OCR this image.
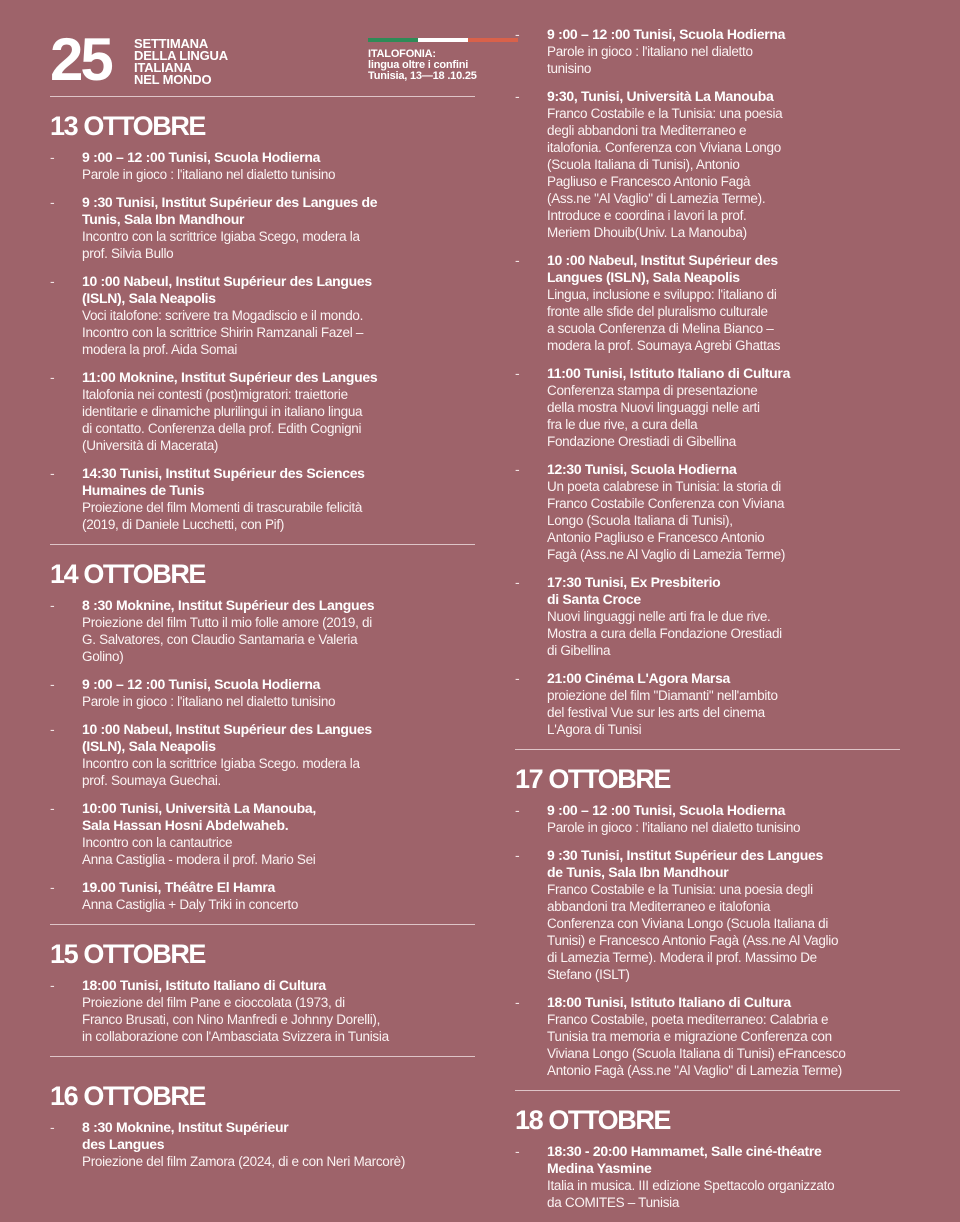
25 SETTIMANA
DELLA LINGUA
ITALIANA
NEL MONDO
ITALOFONIA:
lingua oltre i confini
Tunisia, 13—18 .10.25
13 OTTOBRE
- 9 :00 – 12 :00 Tunisi, Scuola Hodierna
Parole in gioco : l'italiano nel dialetto tunisino
- 9 :30 Tunisi, Institut Supérieur des Langues de
Tunis, Sala Ibn Mandhour
Incontro con la scrittrice Igiaba Scego, modera la
prof. Silvia Bullo
- 10 :00 Nabeul, Institut Supérieur des Langues
(ISLN), Sala Neapolis
Voci italofone: scrivere tra Mogadiscio e il mondo.
Incontro con la scrittrice Shirin Ramzanali Fazel –
modera la prof. Aida Somai
- 11:00 Moknine, Institut Supérieur des Langues
Italofonia nei contesti (post)migratori: traiettorie
identitarie e dinamiche plurilingui in italiano lingua
di contatto. Conferenza della prof. Edith Cognigni
(Università di Macerata)
- 14:30 Tunisi, Institut Supérieur des Sciences
Humaines de Tunis
Proiezione del film Momenti di trascurabile felicità
(2019, di Daniele Lucchetti, con Pif)
14 OTTOBRE
- 8 :30 Moknine, Institut Supérieur des Langues
Proiezione del film Tutto il mio folle amore (2019, di
G. Salvatores, con Claudio Santamaria e Valeria
Golino)
- 9 :00 – 12 :00 Tunisi, Scuola Hodierna
Parole in gioco : l'italiano nel dialetto tunisino
- 10 :00 Nabeul, Institut Supérieur des Langues
(ISLN), Sala Neapolis
Incontro con la scrittrice Igiaba Scego. modera la
prof. Soumaya Guechai.
- 10:00 Tunisi, Università La Manouba,
Sala Hassan Hosni Abdelwaheb.
Incontro con la cantautrice
Anna Castiglia - modera il prof. Mario Sei
- 19.00 Tunisi, Théâtre El Hamra
Anna Castiglia + Daly Triki in concerto
15 OTTOBRE
- 18:00 Tunisi, Istituto Italiano di Cultura
Proiezione del film Pane e cioccolata (1973, di
Franco Brusati, con Nino Manfredi e Johnny Dorelli),
in collaborazione con l'Ambasciata Svizzera in Tunisia
16 OTTOBRE
- 8 :30 Moknine, Institut Supérieur
des Langues
Proiezione del film Zamora (2024, di e con Neri Marcorè)
- 9 :00 – 12 :00 Tunisi, Scuola Hodierna
Parole in gioco : l'italiano nel dialetto
tunisino
- 9:30, Tunisi, Università La Manouba
Franco Costabile e la Tunisia: una poesia
degli abbandoni tra Mediterraneo e
italofonia. Conferenza con Viviana Longo
(Scuola Italiana di Tunisi), Antonio
Pagliuso e Francesco Antonio Fagà
(Ass.ne "Al Vaglio" di Lamezia Terme).
Introduce e coordina i lavori la prof.
Meriem Dhouib(Univ. La Manouba)
- 10 :00 Nabeul, Institut Supérieur des
Langues (ISLN), Sala Neapolis
Lingua, inclusione e sviluppo: l'italiano di
fronte alle sfide del pluralismo culturale
a scuola Conferenza di Melina Bianco –
modera la prof. Soumaya Agrebi Ghattas
- 11:00 Tunisi, Istituto Italiano di Cultura
Conferenza stampa di presentazione
della mostra Nuovi linguaggi nelle arti
fra le due rive, a cura della
Fondazione Orestiadi di Gibellina
- 12:30 Tunisi, Scuola Hodierna
Un poeta calabrese in Tunisia: la storia di
Franco Costabile Conferenza con Viviana
Longo (Scuola Italiana di Tunisi),
Antonio Pagliuso e Francesco Antonio
Fagà (Ass.ne Al Vaglio di Lamezia Terme)
- 17:30 Tunisi, Ex Presbiterio
di Santa Croce
Nuovi linguaggi nelle arti fra le due rive.
Mostra a cura della Fondazione Orestiadi
di Gibellina
- 21:00 Cinéma L'Agora Marsa
proiezione del film "Diamanti" nell'ambito
del festival Vue sur les arts del cinema
L'Agora di Tunisi
17 OTTOBRE
- 9 :00 – 12 :00 Tunisi, Scuola Hodierna
Parole in gioco : l'italiano nel dialetto tunisino
- 9 :30 Tunisi, Institut Supérieur des Langues
de Tunis, Sala Ibn Mandhour
Franco Costabile e la Tunisia: una poesia degli
abbandoni tra Mediterraneo e italofonia
Conferenza con Viviana Longo (Scuola Italiana di
Tunisi) e Francesco Antonio Fagà (Ass.ne Al Vaglio
di Lamezia Terme). Modera il prof. Massimo De
Stefano (ISLT)
- 18:00 Tunisi, Istituto Italiano di Cultura
Franco Costabile, poeta mediterraneo: Calabria e
Tunisia tra memoria e migrazione Conferenza con
Viviana Longo (Scuola Italiana di Tunisi) eFrancesco
Antonio Fagà (Ass.ne "Al Vaglio" di Lamezia Terme)
18 OTTOBRE
- 18:30 - 20:00 Hammamet, Salle ciné-théatre
Medina Yasmine
Italia in musica. III edizione Spettacolo organizzato
da COMITES – Tunisia
